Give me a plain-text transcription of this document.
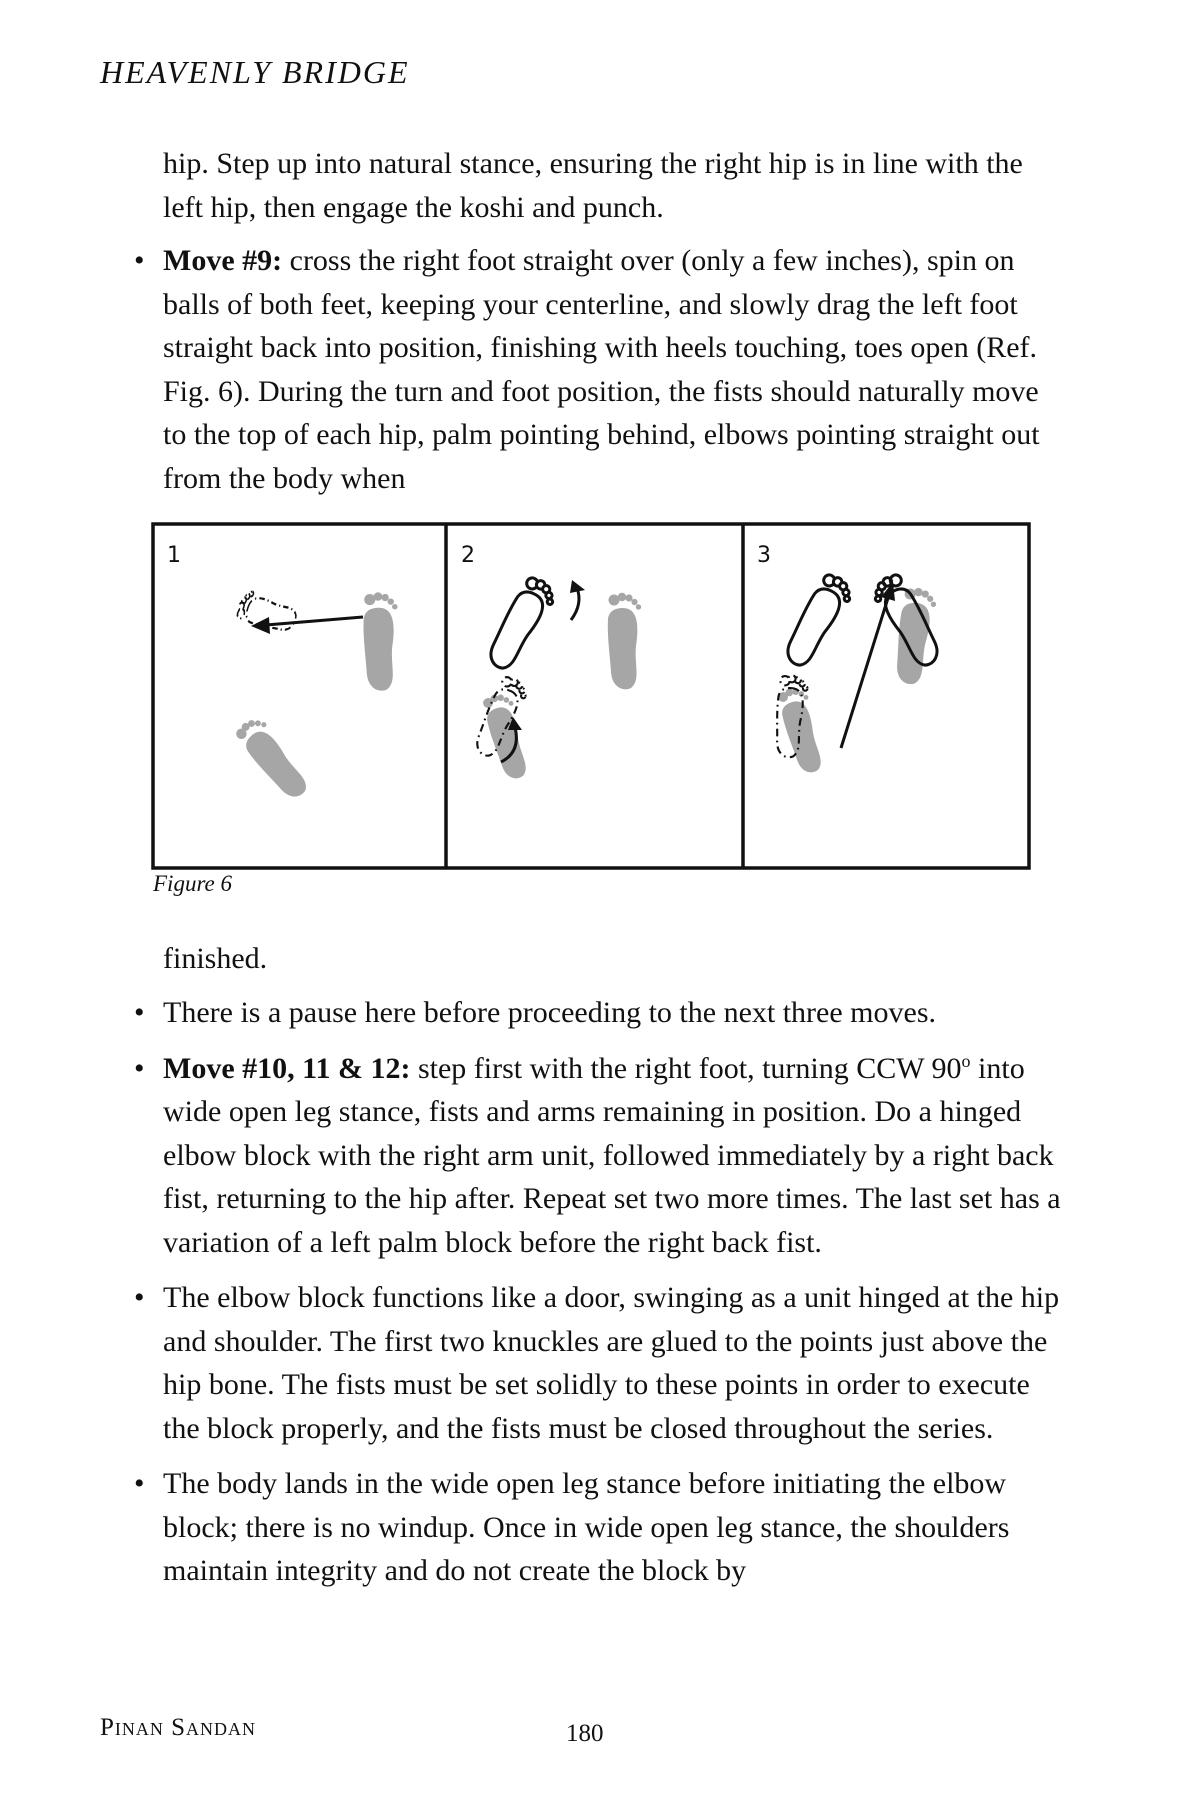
HEAVENLY BRIDGE
hip. Step up into natural stance, ensuring the right hip is in line with the left hip, then engage the koshi and punch.
• Move #9: cross the right foot straight over (only a few inches), spin on balls of both feet, keeping your centerline, and slowly drag the left foot straight back into position, finishing with heels touching, toes open (Ref. Fig. 6). During the turn and foot position, the fists should naturally move to the top of each hip, palm pointing behind, elbows pointing straight out from the body when
1	2	3
Figure 6
finished.
• There is a pause here before proceeding to the next three moves.
• Move #10, 11 & 12: step first with the right foot, turning CCW 90$^o$ into wide open leg stance, fists and arms remaining in position. Do a hinged elbow block with the right arm unit, followed immediately by a right back fist, returning to the hip after. Repeat set two more times. The last set has a variation of a left palm block before the right back fist.
• The elbow block functions like a door, swinging as a unit hinged at the hip and shoulder. The first two knuckles are glued to the points just above the hip bone. The fists must be set solidly to these points in order to execute the block properly, and the fists must be closed throughout the series.
• The body lands in the wide open leg stance before initiating the elbow block; there is no windup. Once in wide open leg stance, the shoulders maintain integrity and do not create the block by
Pinan Sandan	180
